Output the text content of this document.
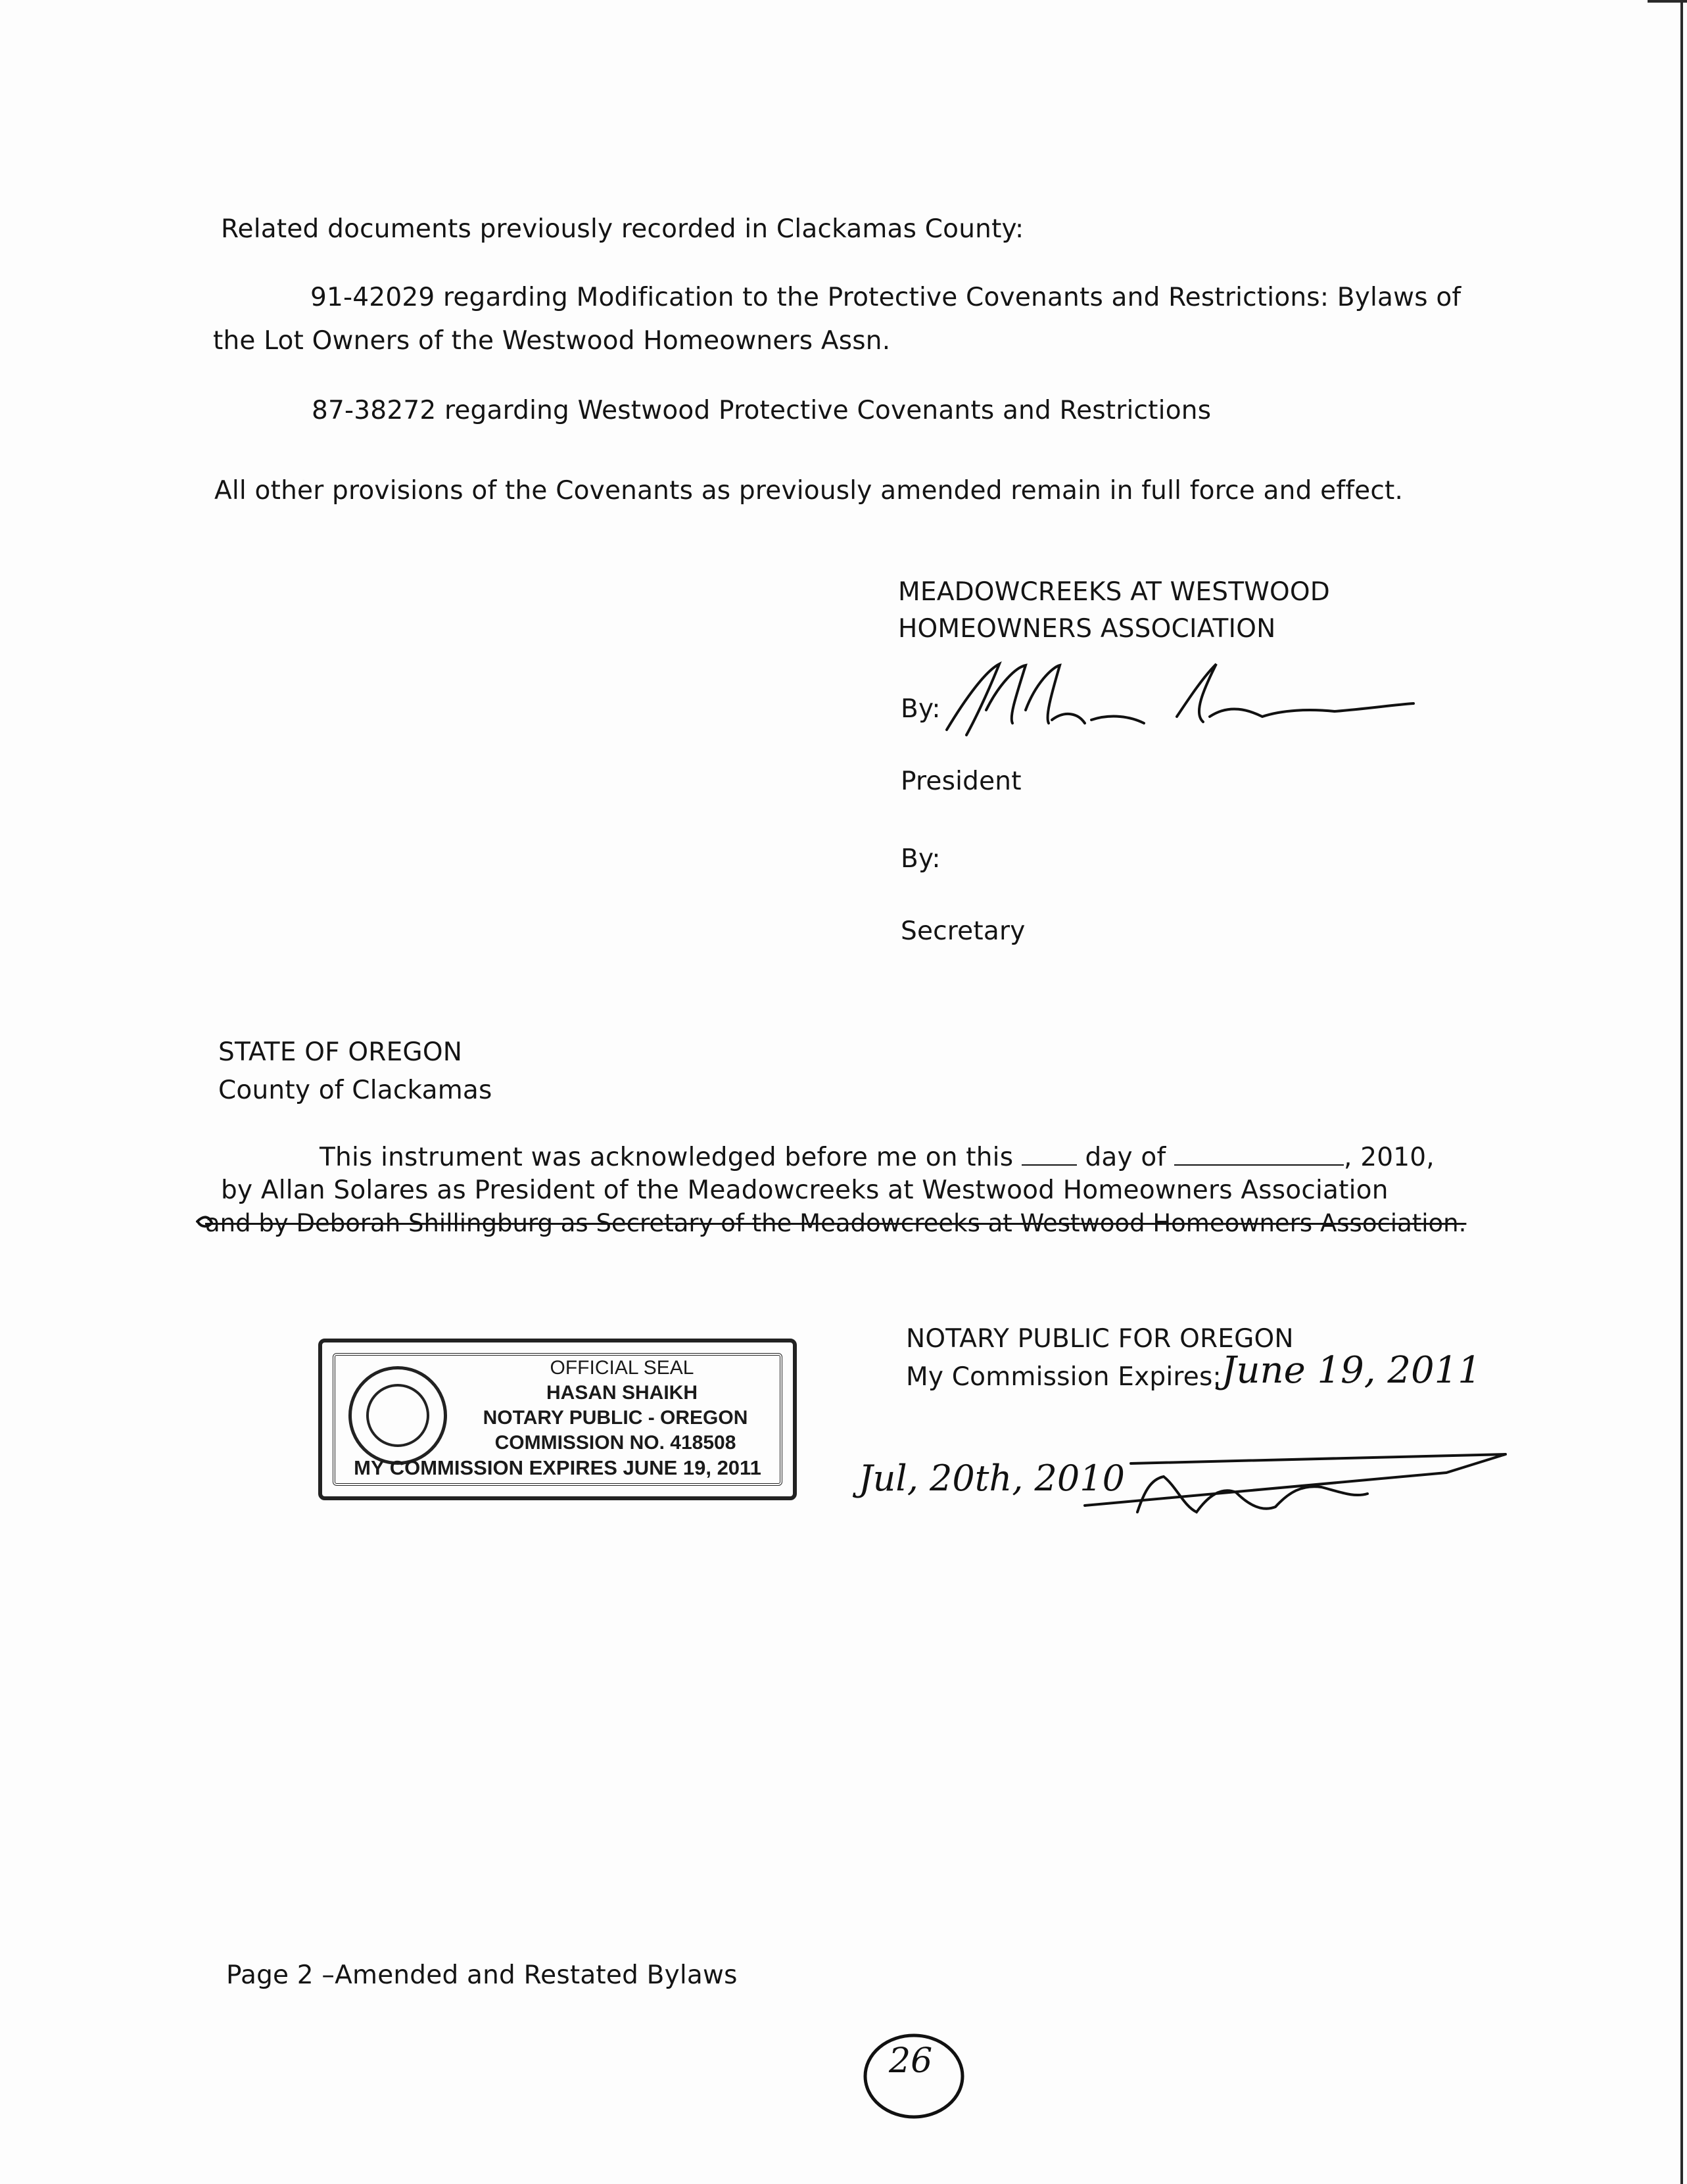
Related documents previously recorded in Clackamas County:
91-42029 regarding Modification to the Protective Covenants and Restrictions: Bylaws of
the Lot Owners of the Westwood Homeowners Assn.
87-38272 regarding Westwood Protective Covenants and Restrictions
All other provisions of the Covenants as previously amended remain in full force and effect.
MEADOWCREEKS AT WESTWOOD
HOMEOWNERS ASSOCIATION
By:
President
By:
Secretary
STATE OF OREGON
County of Clackamas
This instrument was acknowledged before me on this	day of	, 2010,
by Allan Solares as President of the Meadowcreeks at Westwood Homeowners Association
and by Deborah Shillingburg as Secretary of the Meadowcreeks at Westwood Homeowners Association.
NOTARY PUBLIC FOR OREGON
My Commission Expires: June 19, 2011
Jul, 20th, 2010
OFFICIAL SEAL
HASAN SHAIKH
NOTARY PUBLIC - OREGON
COMMISSION NO. 418508
MY COMMISSION EXPIRES JUNE 19, 2011
Page 2 –Amended and Restated Bylaws
26
